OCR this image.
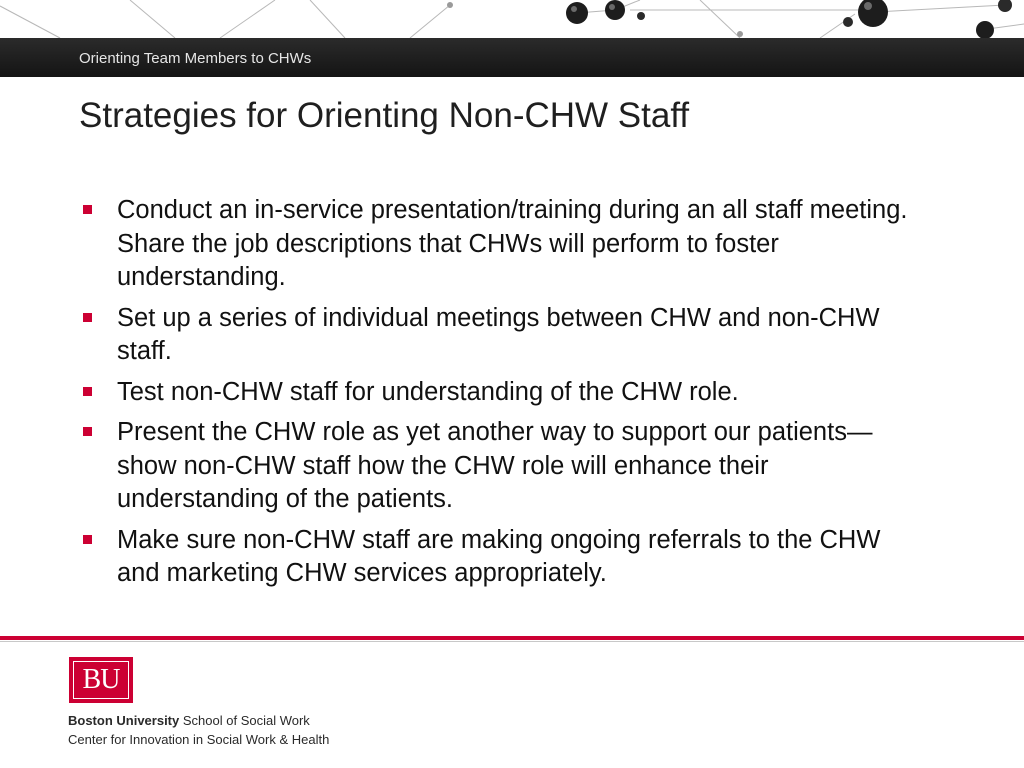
Orienting Team Members to CHWs
Strategies for Orienting Non-CHW Staff
Conduct an in-service presentation/training during an all staff meeting. Share the job descriptions that CHWs will perform to foster understanding.
Set up a series of individual meetings between CHW and non-CHW staff.
Test non-CHW staff for understanding of the CHW role.
Present the CHW role as yet another way to support our patients—show non-CHW staff how the CHW role will enhance their understanding of the patients.
Make sure non-CHW staff are making ongoing referrals to the CHW and marketing CHW services appropriately.
BU
Boston University School of Social Work
Center for Innovation in Social Work & Health
